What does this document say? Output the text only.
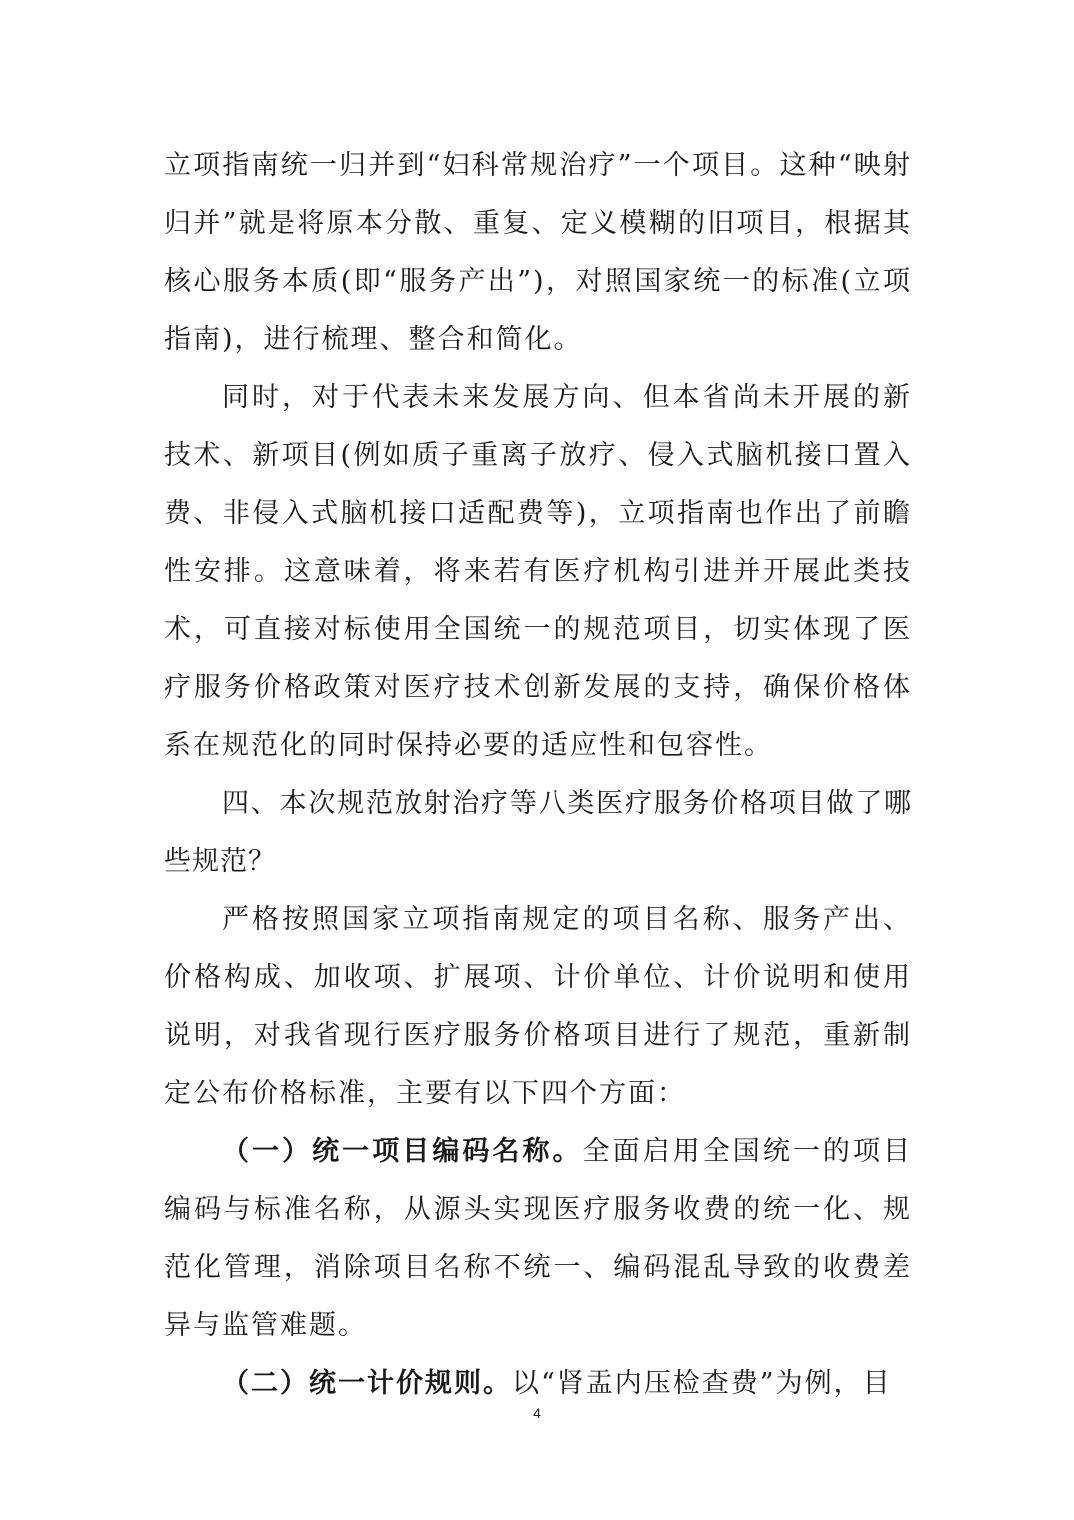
立项指南统一归并到“妇科常规治疗”一个项目。这种“映射归并”就是将原本分散、重复、定义模糊的旧项目，根据其核心服务本质(即“服务产出”)，对照国家统一的标准(立项指南)，进行梳理、整合和简化。

同时，对于代表未来发展方向、但本省尚未开展的新技术、新项目(例如质子重离子放疗、侵入式脑机接口置入费、非侵入式脑机接口适配费等)，立项指南也作出了前瞻性安排。这意味着，将来若有医疗机构引进并开展此类技术，可直接对标使用全国统一的规范项目，切实体现了医疗服务价格政策对医疗技术创新发展的支持，确保价格体系在规范化的同时保持必要的适应性和包容性。

四、本次规范放射治疗等八类医疗服务价格项目做了哪些规范？

严格按照国家立项指南规定的项目名称、服务产出、价格构成、加收项、扩展项、计价单位、计价说明和使用说明，对我省现行医疗服务价格项目进行了规范，重新制定公布价格标准，主要有以下四个方面：

（一）统一项目编码名称。全面启用全国统一的项目编码与标准名称，从源头实现医疗服务收费的统一化、规范化管理，消除项目名称不统一、编码混乱导致的收费差异与监管难题。

（二）统一计价规则。以“肾盂内压检查费”为例，目

4
